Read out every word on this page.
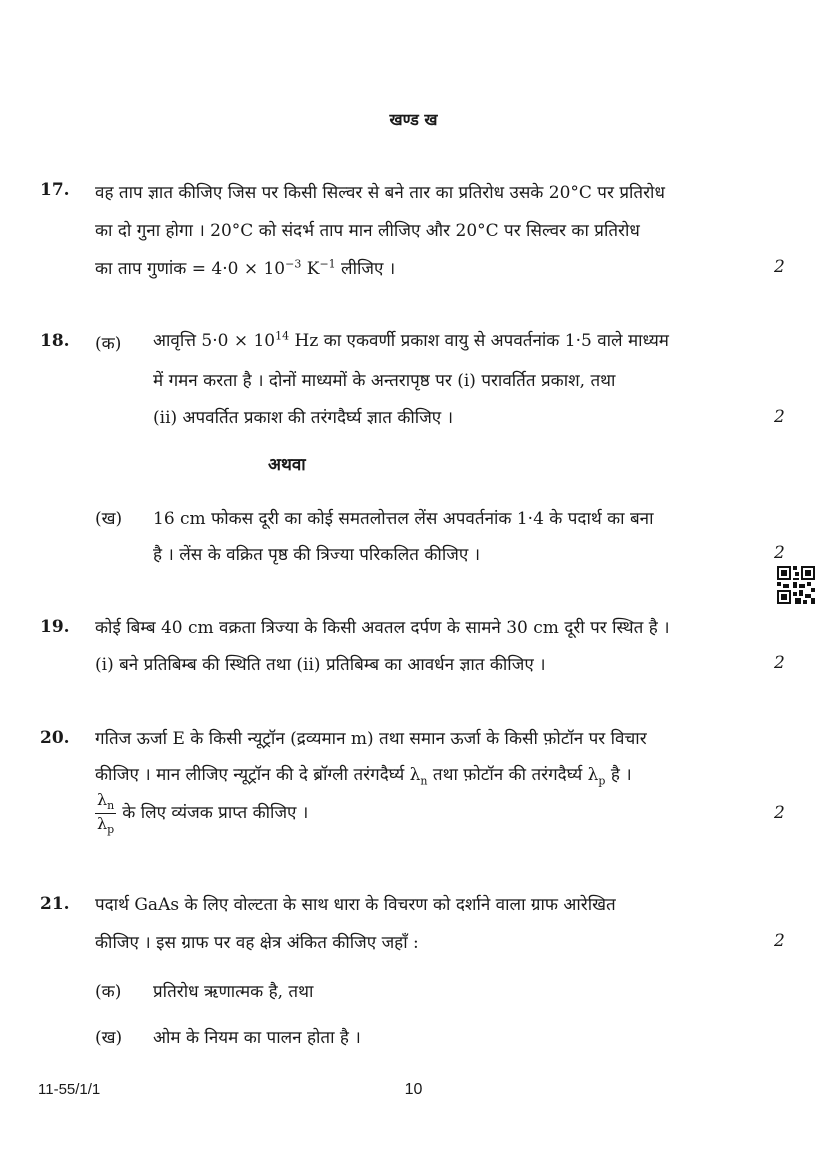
खण्ड ख
17. वह ताप ज्ञात कीजिए जिस पर किसी सिल्वर से बने तार का प्रतिरोध उसके 20°C पर प्रतिरोध
का दो गुना होगा । 20°C को संदर्भ ताप मान लीजिए और 20°C पर सिल्वर का प्रतिरोध
का ताप गुणांक = $4\cdot 0 \times 10^{-3}$ $K^{-1}$ लीजिए ।	2
18. (क) आवृत्ति $5\cdot 0 \times 10^{14}$ Hz का एकवर्णी प्रकाश वायु से अपवर्तनांक 1·5 वाले माध्यम
में गमन करता है । दोनों माध्यमों के अन्तरापृष्ठ पर (i) परावर्तित प्रकाश, तथा
(ii) अपवर्तित प्रकाश की तरंगदैर्घ्य ज्ञात कीजिए ।	2
अथवा
(ख) 16 cm फोकस दूरी का कोई समतलोत्तल लेंस अपवर्तनांक 1·4 के पदार्थ का बना
है । लेंस के वक्रित पृष्ठ की त्रिज्या परिकलित कीजिए ।	2
19. कोई बिम्ब 40 cm वक्रता त्रिज्या के किसी अवतल दर्पण के सामने 30 cm दूरी पर स्थित है ।
(i) बने प्रतिबिम्ब की स्थिति तथा (ii) प्रतिबिम्ब का आवर्धन ज्ञात कीजिए ।	2
20. गतिज ऊर्जा E के किसी न्यूट्रॉन (द्रव्यमान m) तथा समान ऊर्जा के किसी फ़ोटॉन पर विचार
कीजिए । मान लीजिए न्यूट्रॉन की दे ब्रॉग्ली तरंगदैर्घ्य $\lambda_n$ तथा फ़ोटॉन की तरंगदैर्घ्य $\lambda_p$ है ।
$\frac{\lambda_n}{\lambda_p}$ के लिए व्यंजक प्राप्त कीजिए ।	2
21. पदार्थ GaAs के लिए वोल्टता के साथ धारा के विचरण को दर्शाने वाला ग्राफ आरेखित
कीजिए । इस ग्राफ पर वह क्षेत्र अंकित कीजिए जहाँ :	2
(क) प्रतिरोध ऋणात्मक है, तथा
(ख) ओम के नियम का पालन होता है ।
10
11-55/1/1
